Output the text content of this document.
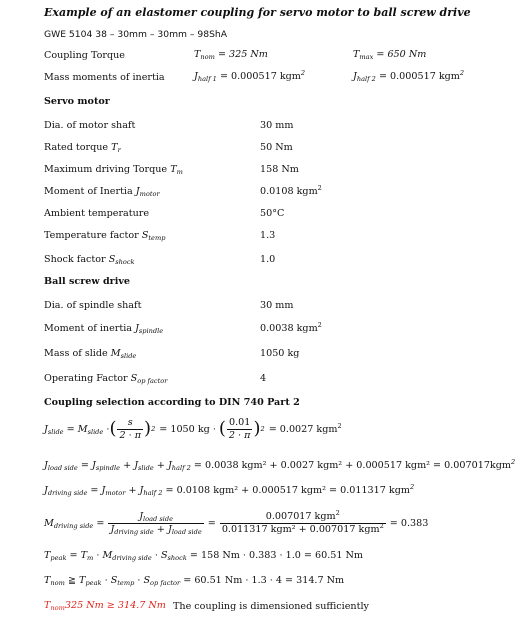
Example of an elastomer coupling for servo motor to ball screw drive
GWE 5104 38 – 30mm – 30mm – 98ShA
Coupling Torque	$T_{nom} = 325$ Nm	$T_{max} = 650$ Nm
Mass moments of inertia	$J_{half 1} = 0.000517$ kgm$^2$	$J_{half 2} = 0.000517$ kgm$^2$
Servo motor
Dia. of motor shaft	30 mm
Rated torque $T_r$	50 Nm
Maximum driving Torque $T_m$	158 Nm
Moment of Inertia $J_{motor}$	0.0108 kgm$^2$
Ambient temperature	50°C
Temperature factor $S_{temp}$	1.3
Shock factor $S_{shock}$	1.0
Ball screw drive
Dia. of spindle shaft	30 mm
Moment of inertia $J_{spindle}$	0.0038 kgm$^2$
Mass of slide $M_{slide}$	1050 kg
Operating Factor $S_{op factor}$	4
Coupling selection according to DIN 740 Part 2
$J_{slide} = M_{slide}$ · ( $\frac{s}{2 \cdot \pi}$ ) 2 = 1050 kg · ( $\frac{0.01}{2 \cdot \pi}$ ) 2 = 0.0027 kgm$^2$
$J_{load side} = J_{spindle} + J_{slide} + J_{half 2} = 0.0038$ kgm² + 0.0027 kgm² + 0.000517 kgm² = 0.007017kgm$^2$
$J_{driving side} = J_{motor} + J_{half 2} = 0.0108$ kgm² + 0.000517 kgm² = 0.011317 kgm$^2$
$M_{driving side} = \frac{J_{load side}}{J_{driving side} + J_{load side}} = \frac{0.007017 kgm^2}{0.011317 kgm^2 + 0.007017 kgm^2} = 0.383$
$T_{peak} = T_m \cdot M_{driving side} \cdot S_{shock} = 158$ Nm · 0.383 · 1.0 = 60.51 Nm
$T_{nom}$ ≧ $T_{peak} \cdot S_{temp} \cdot S_{op factor} = 60.51$ Nm · 1.3 · 4 = 314.7 Nm
$T_{nom}325$ Nm ≥ 314.7 Nm The coupling is dimensioned sufficiently
